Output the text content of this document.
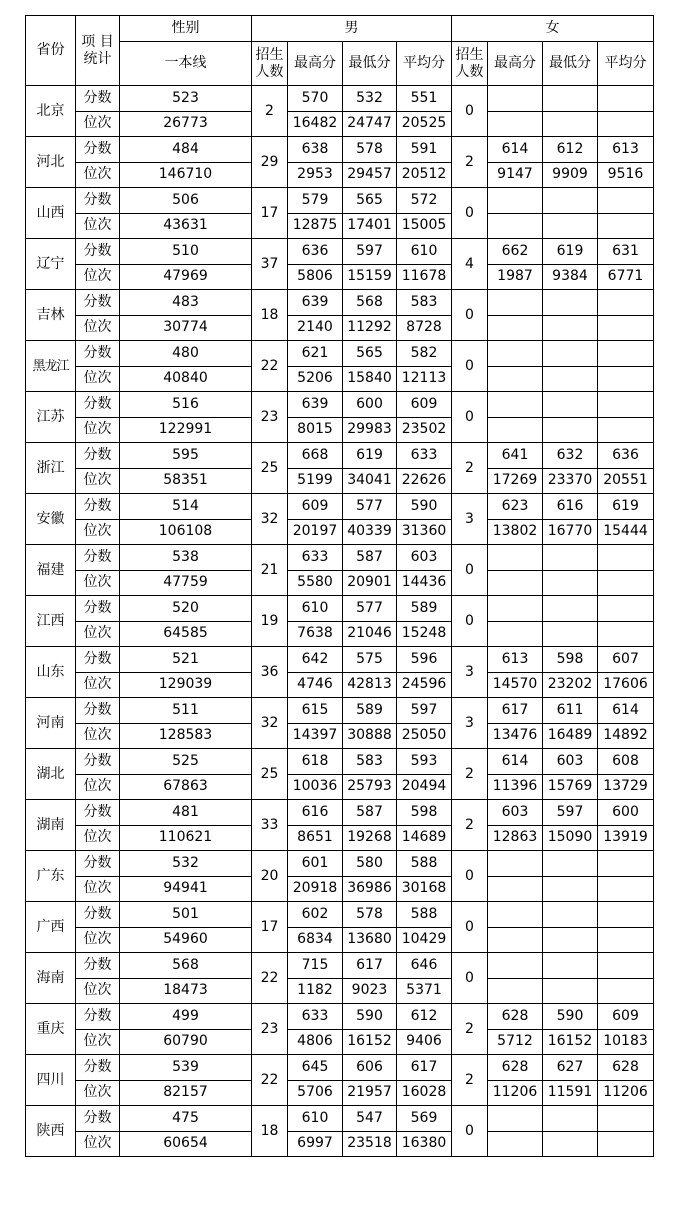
省份	项 目
统计	性别	男				女			
		一本线	招生人数	最高分	最低分	平均分	招生人数	最高分	最低分	平均分
北京	分数	523	2	570	532	551	0			
	位次	26773		16482	24747	20525				
河北	分数	484	29	638	578	591	2	614	612	613
	位次	146710		2953	29457	20512		9147	9909	9516
山西	分数	506	17	579	565	572	0			
	位次	43631		12875	17401	15005				
辽宁	分数	510	37	636	597	610	4	662	619	631
	位次	47969		5806	15159	11678		1987	9384	6771
吉林	分数	483	18	639	568	583	0			
	位次	30774		2140	11292	8728				
黑龙江	分数	480	22	621	565	582	0			
	位次	40840		5206	15840	12113				
江苏	分数	516	23	639	600	609	0			
	位次	122991		8015	29983	23502				
浙江	分数	595	25	668	619	633	2	641	632	636
	位次	58351		5199	34041	22626		17269	23370	20551
安徽	分数	514	32	609	577	590	3	623	616	619
	位次	106108		20197	40339	31360		13802	16770	15444
福建	分数	538	21	633	587	603	0			
	位次	47759		5580	20901	14436				
江西	分数	520	19	610	577	589	0			
	位次	64585		7638	21046	15248				
山东	分数	521	36	642	575	596	3	613	598	607
	位次	129039		4746	42813	24596		14570	23202	17606
河南	分数	511	32	615	589	597	3	617	611	614
	位次	128583		14397	30888	25050		13476	16489	14892
湖北	分数	525	25	618	583	593	2	614	603	608
	位次	67863		10036	25793	20494		11396	15769	13729
湖南	分数	481	33	616	587	598	2	603	597	600
	位次	110621		8651	19268	14689		12863	15090	13919
广东	分数	532	20	601	580	588	0			
	位次	94941		20918	36986	30168				
广西	分数	501	17	602	578	588	0			
	位次	54960		6834	13680	10429				
海南	分数	568	22	715	617	646	0			
	位次	18473		1182	9023	5371				
重庆	分数	499	23	633	590	612	2	628	590	609
	位次	60790		4806	16152	9406		5712	16152	10183
四川	分数	539	22	645	606	617	2	628	627	628
	位次	82157		5706	21957	16028		11206	11591	11206
陕西	分数	475	18	610	547	569	0			
	位次	60654		6997	23518	16380				
